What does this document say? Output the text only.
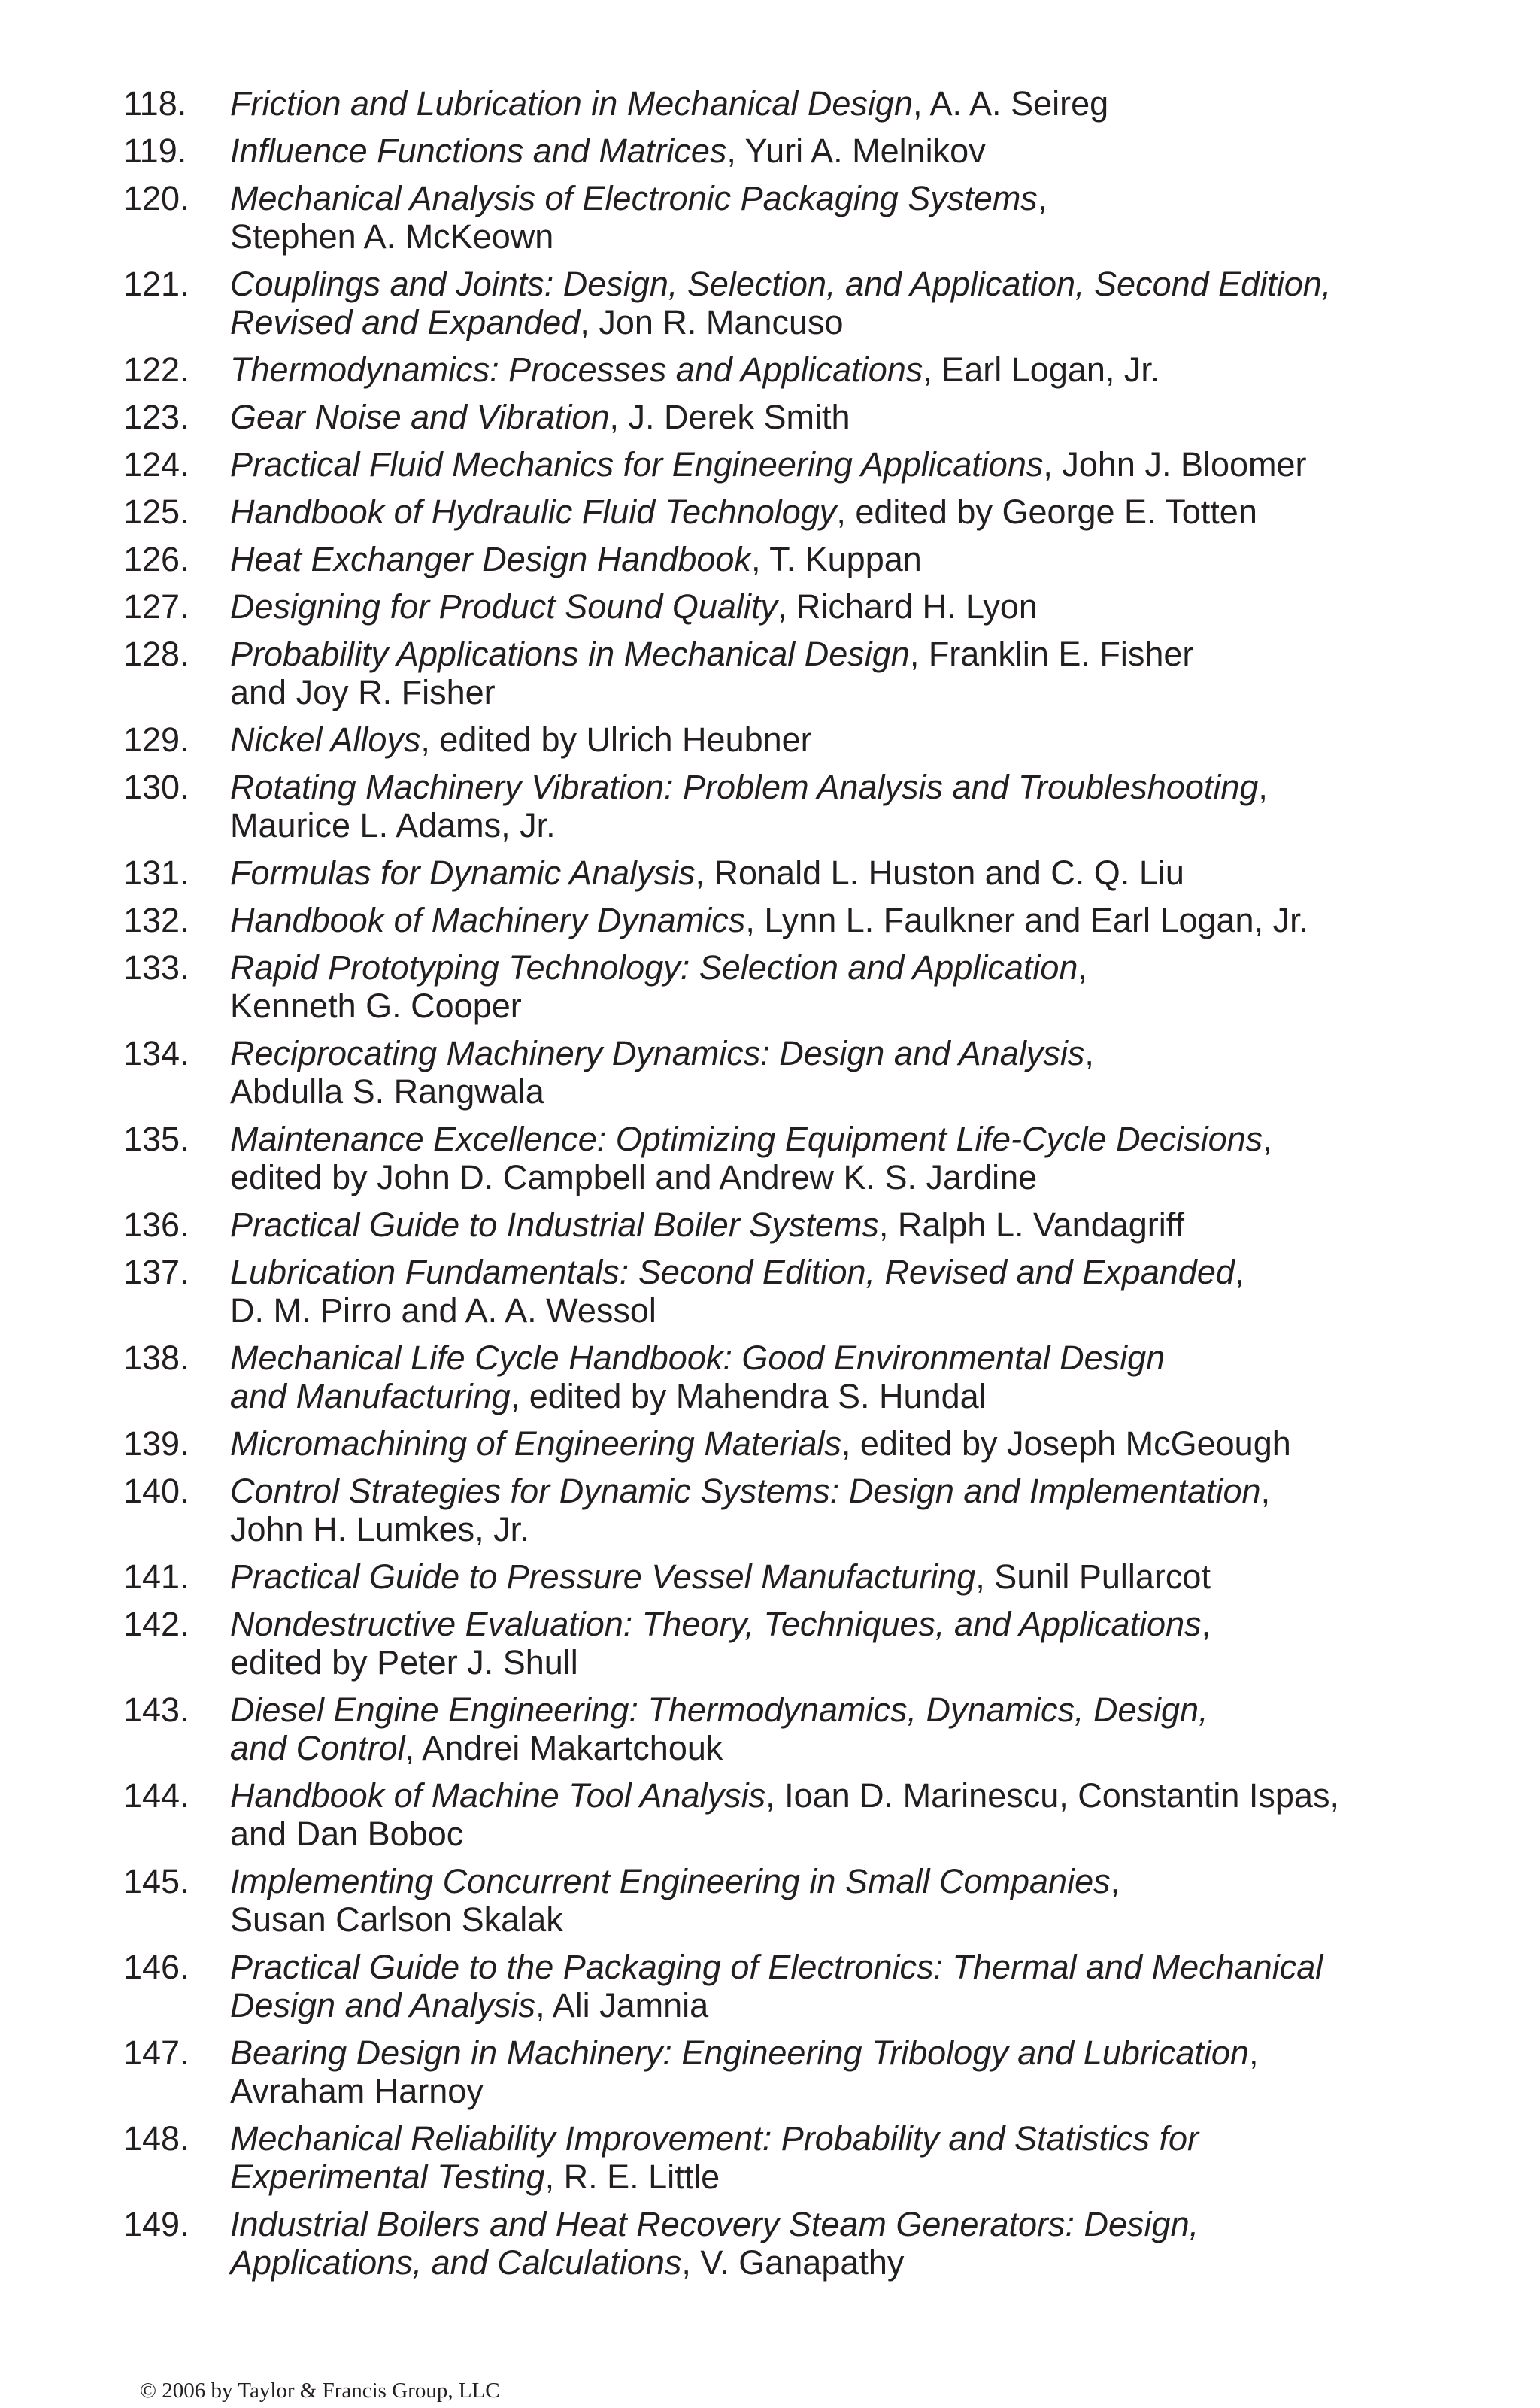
118.	Friction and Lubrication in Mechanical Design, A. A. Seireg
119.	Influence Functions and Matrices, Yuri A. Melnikov
120.	Mechanical Analysis of Electronic Packaging Systems,
Stephen A. McKeown
121.	Couplings and Joints: Design, Selection, and Application, Second Edition,
Revised and Expanded, Jon R. Mancuso
122.	Thermodynamics: Processes and Applications, Earl Logan, Jr.
123.	Gear Noise and Vibration, J. Derek Smith
124.	Practical Fluid Mechanics for Engineering Applications, John J. Bloomer
125.	Handbook of Hydraulic Fluid Technology, edited by George E. Totten
126.	Heat Exchanger Design Handbook, T. Kuppan
127.	Designing for Product Sound Quality, Richard H. Lyon
128.	Probability Applications in Mechanical Design, Franklin E. Fisher
and Joy R. Fisher
129.	Nickel Alloys, edited by Ulrich Heubner
130.	Rotating Machinery Vibration: Problem Analysis and Troubleshooting,
Maurice L. Adams, Jr.
131.	Formulas for Dynamic Analysis, Ronald L. Huston and C. Q. Liu
132.	Handbook of Machinery Dynamics, Lynn L. Faulkner and Earl Logan, Jr.
133.	Rapid Prototyping Technology: Selection and Application,
Kenneth G. Cooper
134.	Reciprocating Machinery Dynamics: Design and Analysis,
Abdulla S. Rangwala
135.	Maintenance Excellence: Optimizing Equipment Life-Cycle Decisions,
edited by John D. Campbell and Andrew K. S. Jardine
136.	Practical Guide to Industrial Boiler Systems, Ralph L. Vandagriff
137.	Lubrication Fundamentals: Second Edition, Revised and Expanded,
D. M. Pirro and A. A. Wessol
138.	Mechanical Life Cycle Handbook: Good Environmental Design
and Manufacturing, edited by Mahendra S. Hundal
139.	Micromachining of Engineering Materials, edited by Joseph McGeough
140.	Control Strategies for Dynamic Systems: Design and Implementation,
John H. Lumkes, Jr.
141.	Practical Guide to Pressure Vessel Manufacturing, Sunil Pullarcot
142.	Nondestructive Evaluation: Theory, Techniques, and Applications,
edited by Peter J. Shull
143.	Diesel Engine Engineering: Thermodynamics, Dynamics, Design,
and Control, Andrei Makartchouk
144.	Handbook of Machine Tool Analysis, Ioan D. Marinescu, Constantin Ispas,
and Dan Boboc
145.	Implementing Concurrent Engineering in Small Companies,
Susan Carlson Skalak
146.	Practical Guide to the Packaging of Electronics: Thermal and Mechanical
Design and Analysis, Ali Jamnia
147.	Bearing Design in Machinery: Engineering Tribology and Lubrication,
Avraham Harnoy
148.	Mechanical Reliability Improvement: Probability and Statistics for
Experimental Testing, R. E. Little
149.	Industrial Boilers and Heat Recovery Steam Generators: Design,
Applications, and Calculations, V. Ganapathy
© 2006 by Taylor & Francis Group, LLC
